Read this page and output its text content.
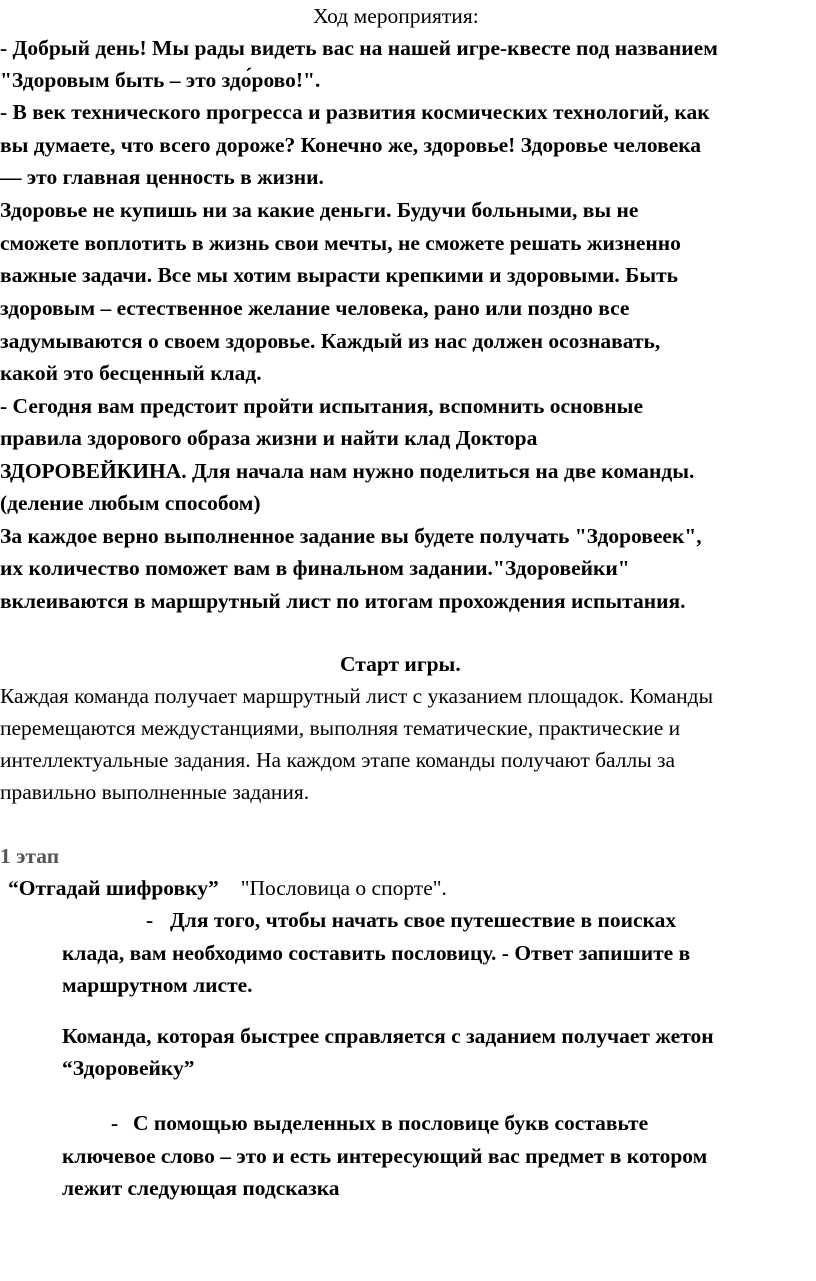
Ход мероприятия:
- Добрый день! Мы рады видеть вас на нашей игре-квесте под названием
"Здоровым быть – это здо́рово!".
- В век технического прогресса и развития космических технологий, как
вы думаете, что всего дороже? Конечно же, здоровье! Здоровье человека
— это главная ценность в жизни.
Здоровье не купишь ни за какие деньги. Будучи больными, вы не
сможете воплотить в жизнь свои мечты, не сможете решать жизненно
важные задачи. Все мы хотим вырасти крепкими и здоровыми. Быть
здоровым – естественное желание человека, рано или поздно все
задумываются о своем здоровье. Каждый из нас должен осознавать,
какой это бесценный клад.
- Сегодня вам предстоит пройти испытания, вспомнить основные
правила здорового образа жизни и найти клад Доктора
ЗДОРОВЕЙКИНА. Для начала нам нужно поделиться на две команды.
(деление любым способом)
За каждое верно выполненное задание вы будете получать "Здоровеек",
их количество поможет вам в финальном задании."Здоровейки"
вклеиваются в маршрутный лист по итогам прохождения испытания.
Старт игры.
Каждая команда получает маршрутный лист с указанием площадок. Команды
перемещаются междустанциями, выполняя тематические, практические и
интеллектуальные задания. На каждом этапе команды получают баллы за
правильно выполненные задания.
1 этап
“Отгадай шифровку” "Пословица о спорте".
- Для того, чтобы начать свое путешествие в поисках
клада, вам необходимо составить пословицу. - Ответ запишите в
маршрутном листе.
Команда, которая быстрее справляется с заданием получает жетон
“Здоровейку”
- С помощью выделенных в пословице букв составьте
ключевое слово – это и есть интересующий вас предмет в котором
лежит следующая подсказка
